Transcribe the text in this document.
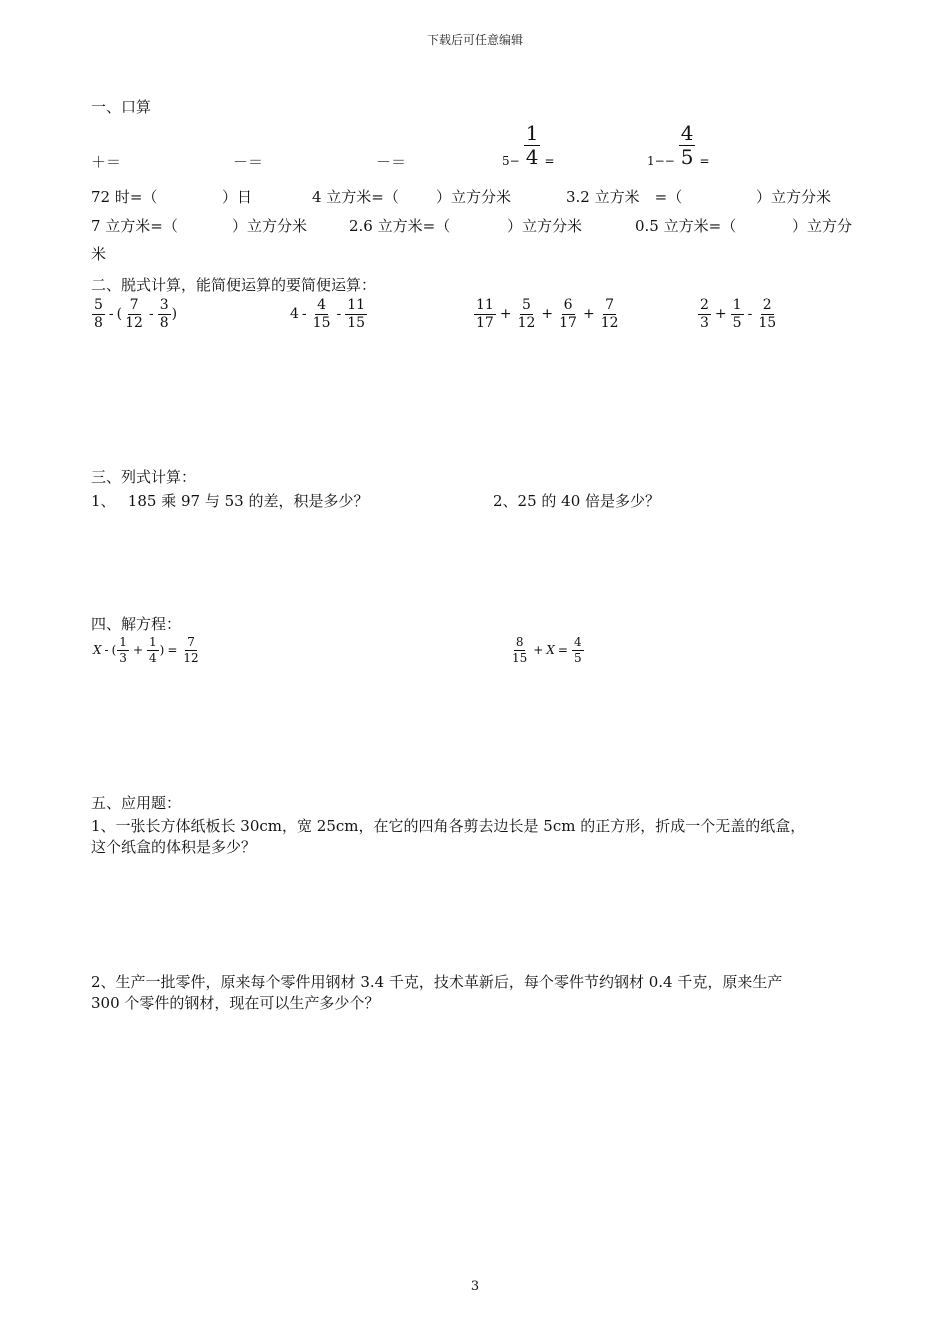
下载后可任意编辑
一、口算
＋＝	－＝	－＝	$5- \frac{1}{4}$ =	$1-- \frac{4}{5}$ =
72 时=（	）日	4 立方米=（ ）立方分米	3.2 立方米　=（	）立方分米
7 立方米=（	）立方分米	2.6 立方米=（	）立方分米	0.5 立方米=（	）立方分
米
二、脱式计算，能简便运算的要简便运算：
$\frac{5}{8}$ - ( $\frac{7}{12} - \frac{3}{8}$ )	$4 - \frac{4}{15} - \frac{11}{15}$	$\frac{11}{17} + \frac{5}{12} + \frac{6}{17} + \frac{7}{12}$	$\frac{2}{3} + \frac{1}{5} - \frac{2}{15}$
三、列式计算：
1、　 185 乘 97 与 53 的差，积是多少？	2、25 的 40 倍是多少？
四、解方程：
X - ( $\frac{1}{3} + \frac{1}{4}$ ) = $\frac{7}{12}$	$\frac{8}{15} + X = \frac{4}{5}$
五、应用题：
1、一张长方体纸板长 30cm，宽 25cm，在它的四角各剪去边长是 5cm 的正方形，折成一个无盖的纸盒，
这个纸盒的体积是多少？
2、生产一批零件，原来每个零件用钢材 3.4 千克，技术革新后，每个零件节约钢材 0.4 千克，原来生产
300 个零件的钢材，现在可以生产多少个？
3
